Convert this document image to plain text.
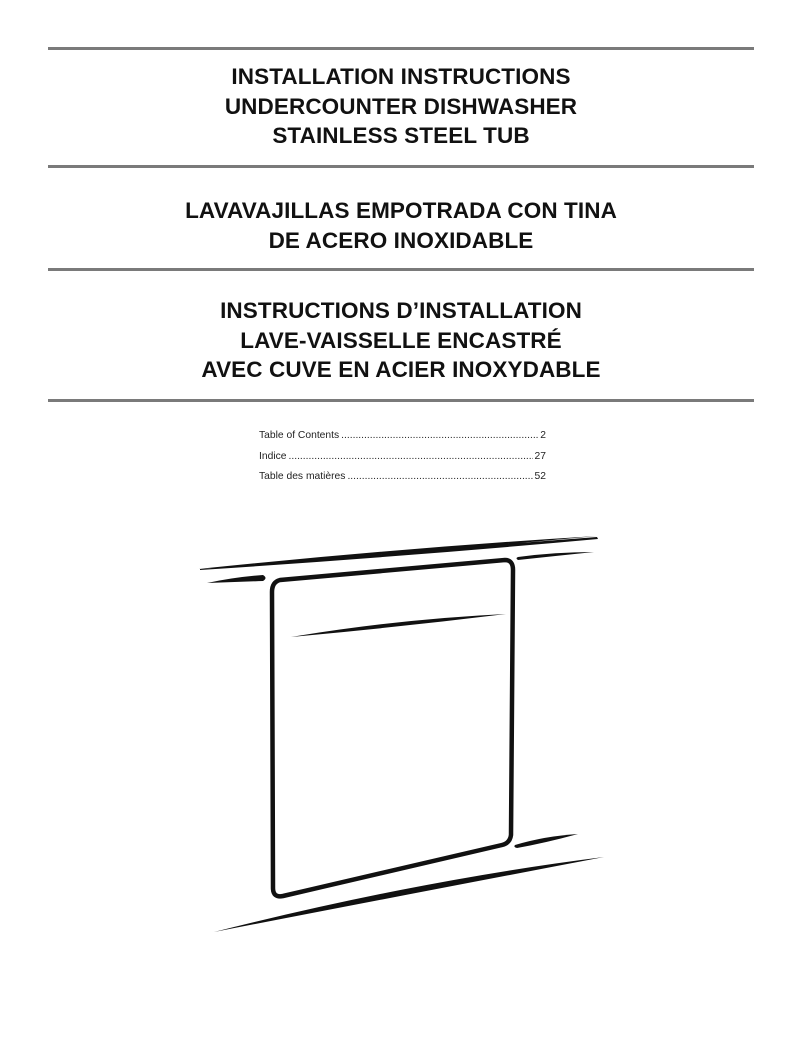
INSTALLATION INSTRUCTIONS
UNDERCOUNTER DISHWASHER
STAINLESS STEEL TUB
LAVAVAJILLAS EMPOTRADA CON TINA
DE ACERO INOXIDABLE
INSTRUCTIONS D’INSTALLATION
LAVE-VAISSELLE ENCASTRÉ
AVEC CUVE EN ACIER INOXYDABLE
Table of Contents .....	2
Indice .....	27
Table des matières .....	52
